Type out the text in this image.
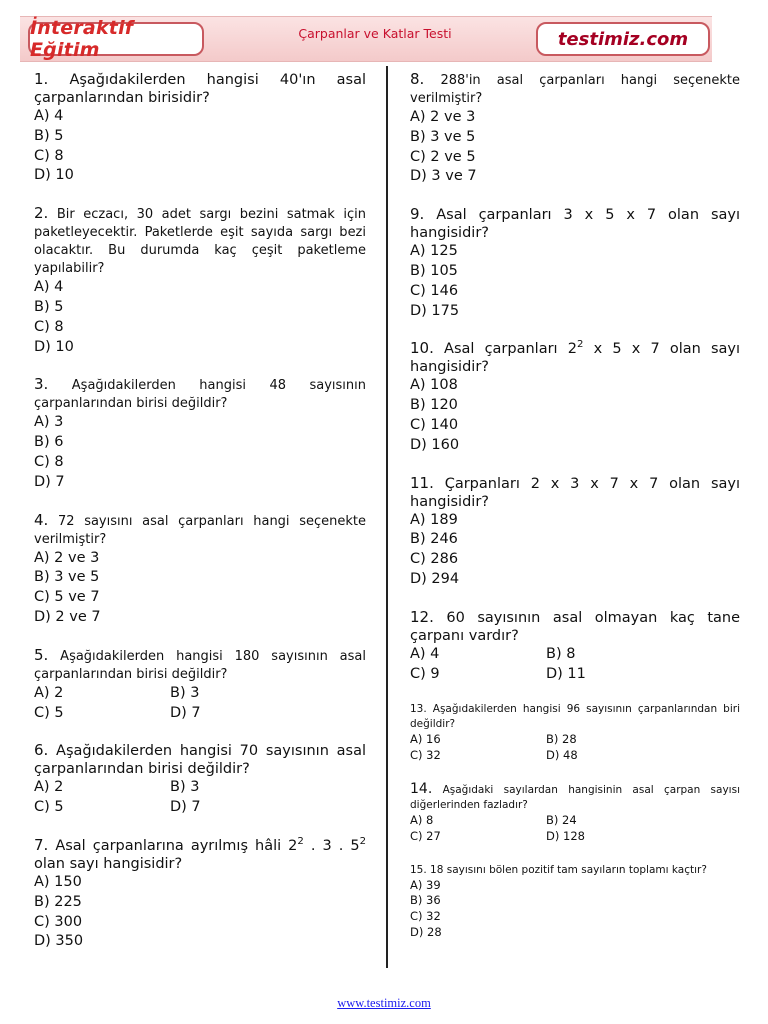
İnteraktif Eğitim
Çarpanlar ve Katlar Testi	testimiz.com
1. Aşağıdakilerden hangisi 40'ın asal çarpanlarından birisidir?
A) 4
B) 5
C) 8
D) 10
2. Bir eczacı, 30 adet sargı bezini satmak için paketleyecektir. Paketlerde eşit sayıda sargı bezi olacaktır. Bu durumda kaç çeşit paketleme yapılabilir?
A) 4
B) 5
C) 8
D) 10
3. Aşağıdakilerden hangisi 48 sayısının çarpanlarından birisi değildir?
A) 3
B) 6
C) 8
D) 7
4. 72 sayısını asal çarpanları hangi seçenekte verilmiştir?
A) 2 ve 3
B) 3 ve 5
C) 5 ve 7
D) 2 ve 7
5. Aşağıdakilerden hangisi 180 sayısının asal çarpanlarından birisi değildir?
A) 2	B) 3
C) 5	D) 7
6. Aşağıdakilerden hangisi 70 sayısının asal çarpanlarından birisi değildir?
A) 2	B) 3
C) 5	D) 7
7. Asal çarpanlarına ayrılmış hâli $2^2$ . 3 . $5^2$ olan sayı hangisidir?
A) 150
B) 225
C) 300
D) 350
8. 288'in asal çarpanları hangi seçenekte verilmiştir?
A) 2 ve 3
B) 3 ve 5
C) 2 ve 5
D) 3 ve 7
9. Asal çarpanları 3 x 5 x 7 olan sayı hangisidir?
A) 125
B) 105
C) 146
D) 175
10. Asal çarpanları $2^2$ x 5 x 7 olan sayı hangisidir?
A) 108
B) 120
C) 140
D) 160
11. Çarpanları 2 x 3 x 7 x 7 olan sayı hangisidir?
A) 189
B) 246
C) 286
D) 294
12. 60 sayısının asal olmayan kaç tane çarpanı vardır?
A) 4	B) 8
C) 9	D) 11
13. Aşağıdakilerden hangisi 96 sayısının çarpanlarından biri değildir?
A) 16	B) 28
C) 32	D) 48
14. Aşağıdaki sayılardan hangisinin asal çarpan sayısı diğerlerinden fazladır?
A) 8	B) 24
C) 27	D) 128
15. 18 sayısını bölen pozitif tam sayıların toplamı kaçtır?
A) 39
B) 36
C) 32
D) 28
www.testimiz.com
